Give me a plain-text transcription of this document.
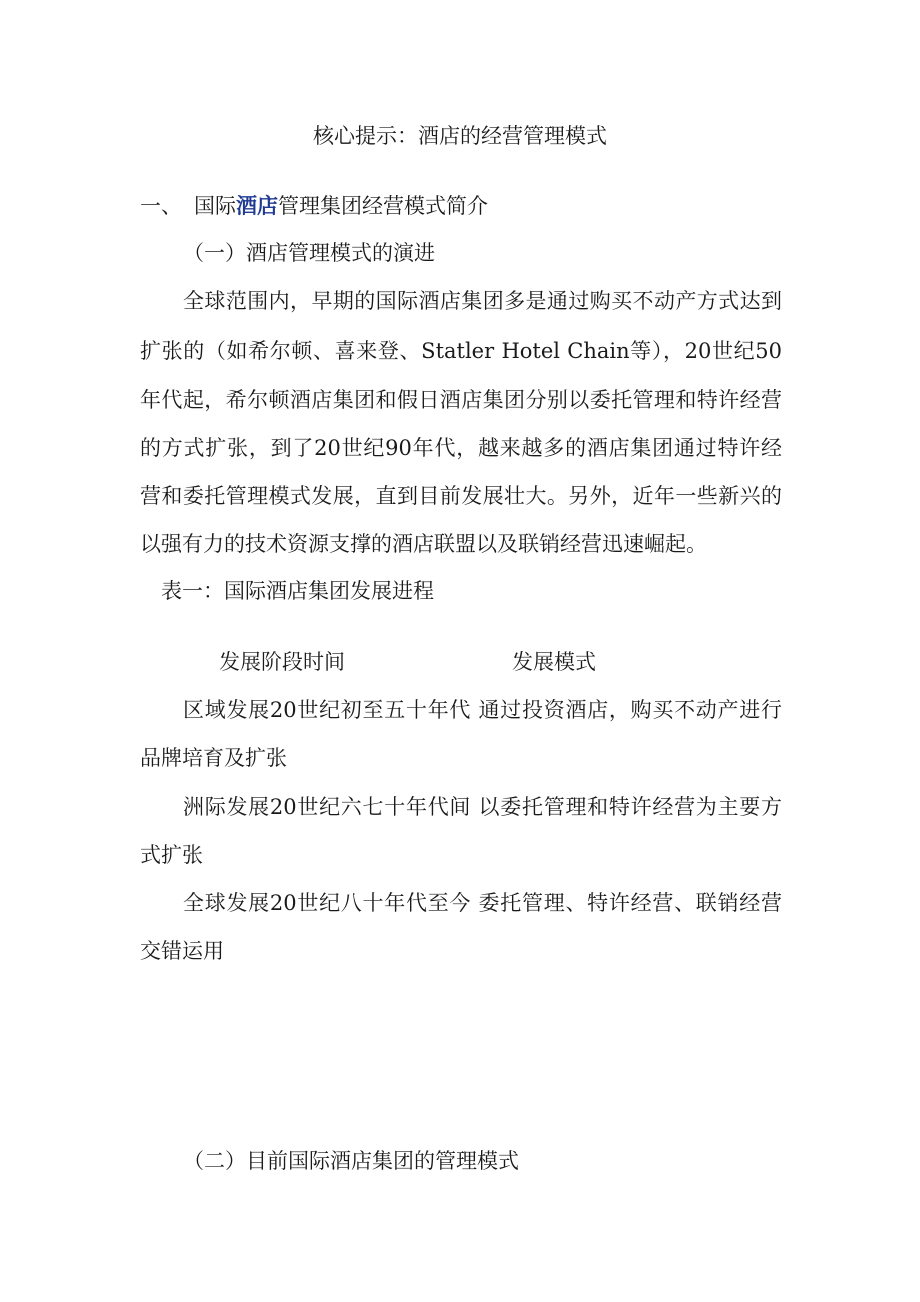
核心提示：酒店的经营管理模式
一、 国际酒店管理集团经营模式简介
（一）酒店管理模式的演进
全球范围内，早期的国际酒店集团多是通过购买不动产方式达到
扩张的（如希尔顿、喜来登、Statler Hotel Chain等），20世纪50
年代起，希尔顿酒店集团和假日酒店集团分别以委托管理和特许经营
的方式扩张，到了20世纪90年代，越来越多的酒店集团通过特许经
营和委托管理模式发展，直到目前发展壮大。另外，近年一些新兴的
以强有力的技术资源支撑的酒店联盟以及联销经营迅速崛起。
表一：国际酒店集团发展进程
发展阶段时间	发展模式
区域发展20世纪初至五十年代 通过投资酒店，购买不动产进行
品牌培育及扩张
洲际发展20世纪六七十年代间 以委托管理和特许经营为主要方
式扩张
全球发展20世纪八十年代至今 委托管理、特许经营、联销经营
交错运用
（二）目前国际酒店集团的管理模式
